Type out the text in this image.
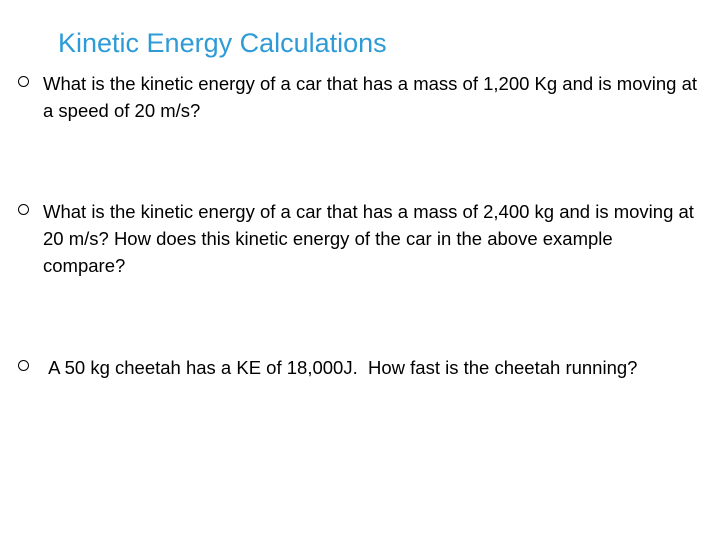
Kinetic Energy Calculations
What is the kinetic energy of a car that has a mass of 1,200 Kg and is moving at a speed of 20 m/s?
What is the kinetic energy of a car that has a mass of 2,400 kg and is moving at 20 m/s? How does this kinetic energy of the car in the above example compare?
A 50 kg cheetah has a KE of 18,000J.  How fast is the cheetah running?
